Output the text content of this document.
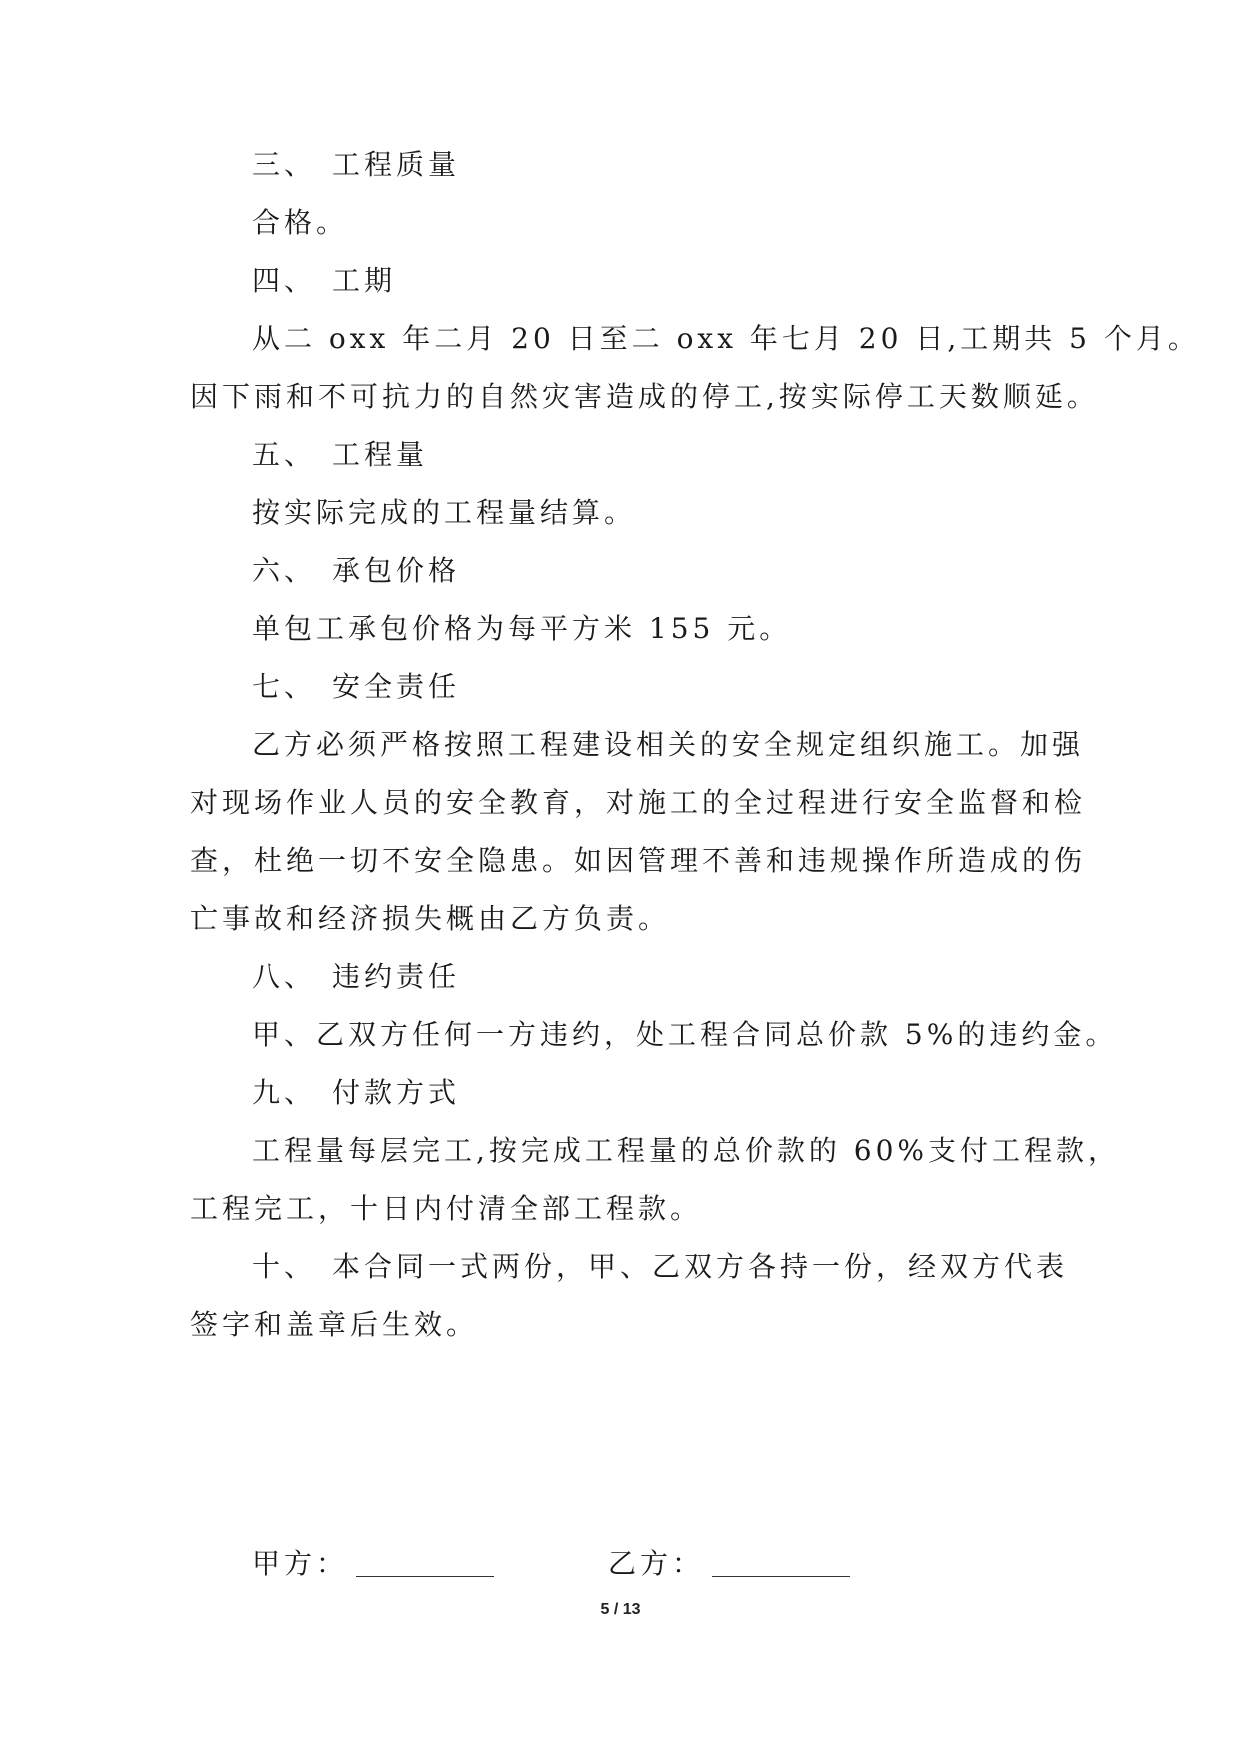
三、 工程质量
合格。
四、 工期
从二 oxx 年二月 20 日至二 oxx 年七月 20 日,工期共 5 个月。
因下雨和不可抗力的自然灾害造成的停工,按实际停工天数顺延。
五、 工程量
按实际完成的工程量结算。
六、 承包价格
单包工承包价格为每平方米 155 元。
七、 安全责任
乙方必须严格按照工程建设相关的安全规定组织施工。加强
对现场作业人员的安全教育，对施工的全过程进行安全监督和检
查，杜绝一切不安全隐患。如因管理不善和违规操作所造成的伤
亡事故和经济损失概由乙方负责。
八、 违约责任
甲、乙双方任何一方违约，处工程合同总价款 5%的违约金。
九、 付款方式
工程量每层完工,按完成工程量的总价款的 60%支付工程款，
工程完工，十日内付清全部工程款。
十、 本合同一式两份，甲、乙双方各持一份，经双方代表
签字和盖章后生效。
甲方：	乙方：
5 / 13
